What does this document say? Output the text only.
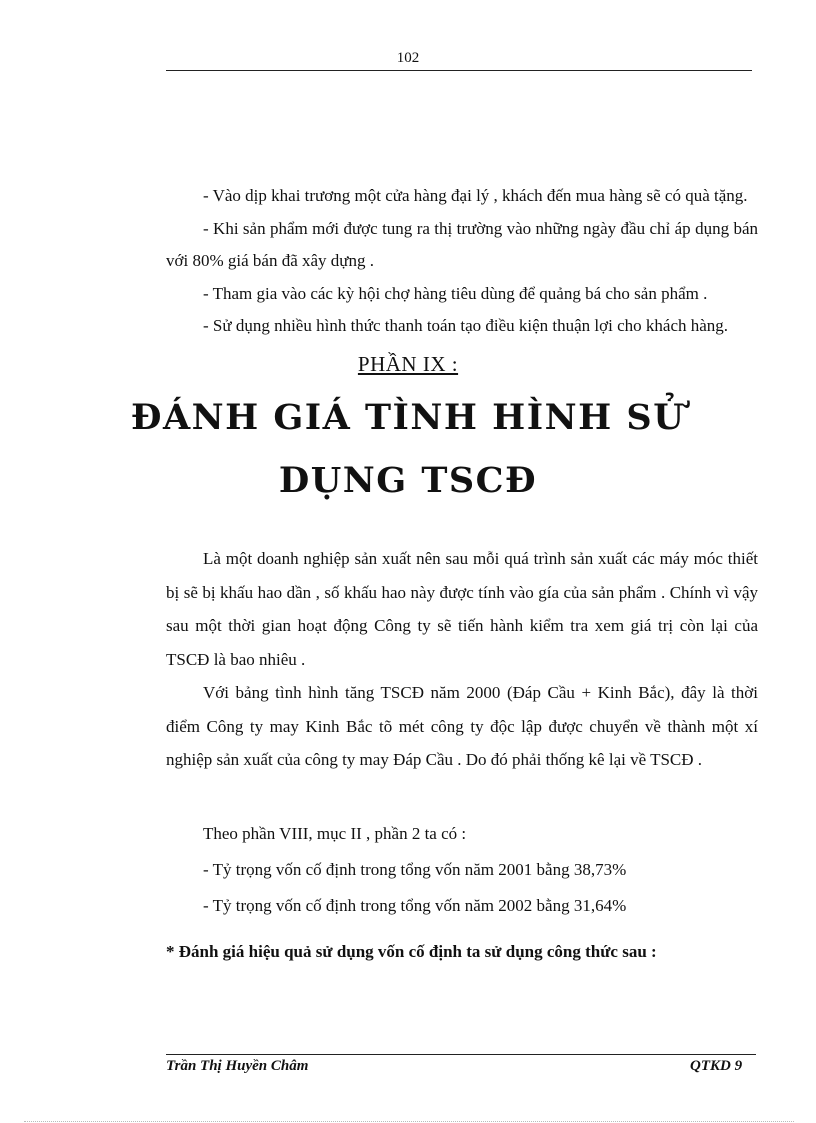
102

- Vào dịp khai trương một cửa hàng đại lý , khách đến mua hàng sẽ có quà tặng.

- Khi sản phẩm mới được tung ra thị trường vào những ngày đầu chỉ áp dụng bán với 80% giá bán đã xây dựng .

- Tham gia vào các kỳ hội chợ hàng tiêu dùng để quảng bá cho sản phẩm .

- Sử dụng nhiều hình thức thanh toán tạo điều kiện thuận lợi cho khách hàng.

PHẦN IX :
ĐÁNH GIÁ TÌNH HÌNH SỬ
DỤNG TSCĐ

Là một doanh nghiệp sản xuất nên sau mỗi quá trình sản xuất các máy móc thiết bị sẽ bị khấu hao dần , số khấu hao này được tính vào gía của sản phẩm . Chính vì vậy sau một thời gian hoạt động Công ty sẽ tiến hành kiểm tra xem giá trị còn lại của TSCĐ là bao nhiêu .

Với bảng tình hình tăng TSCĐ năm 2000 (Đáp Cầu + Kinh Bắc), đây là thời điểm Công ty may Kinh Bắc tõ mét công ty độc lập được chuyển về thành một xí nghiệp sản xuất của công ty may Đáp Cầu . Do đó phải thống kê lại về TSCĐ .

Theo phần VIII, mục II , phần 2 ta có :

- Tỷ trọng vốn cố định trong tổng vốn năm 2001 bằng 38,73%

- Tỷ trọng vốn cố định trong tổng vốn năm 2002 bằng 31,64%

* Đánh giá hiệu quả sử dụng vốn cố định ta sử dụng công thức sau :
Trần Thị Huyền Châm	QTKD 9
